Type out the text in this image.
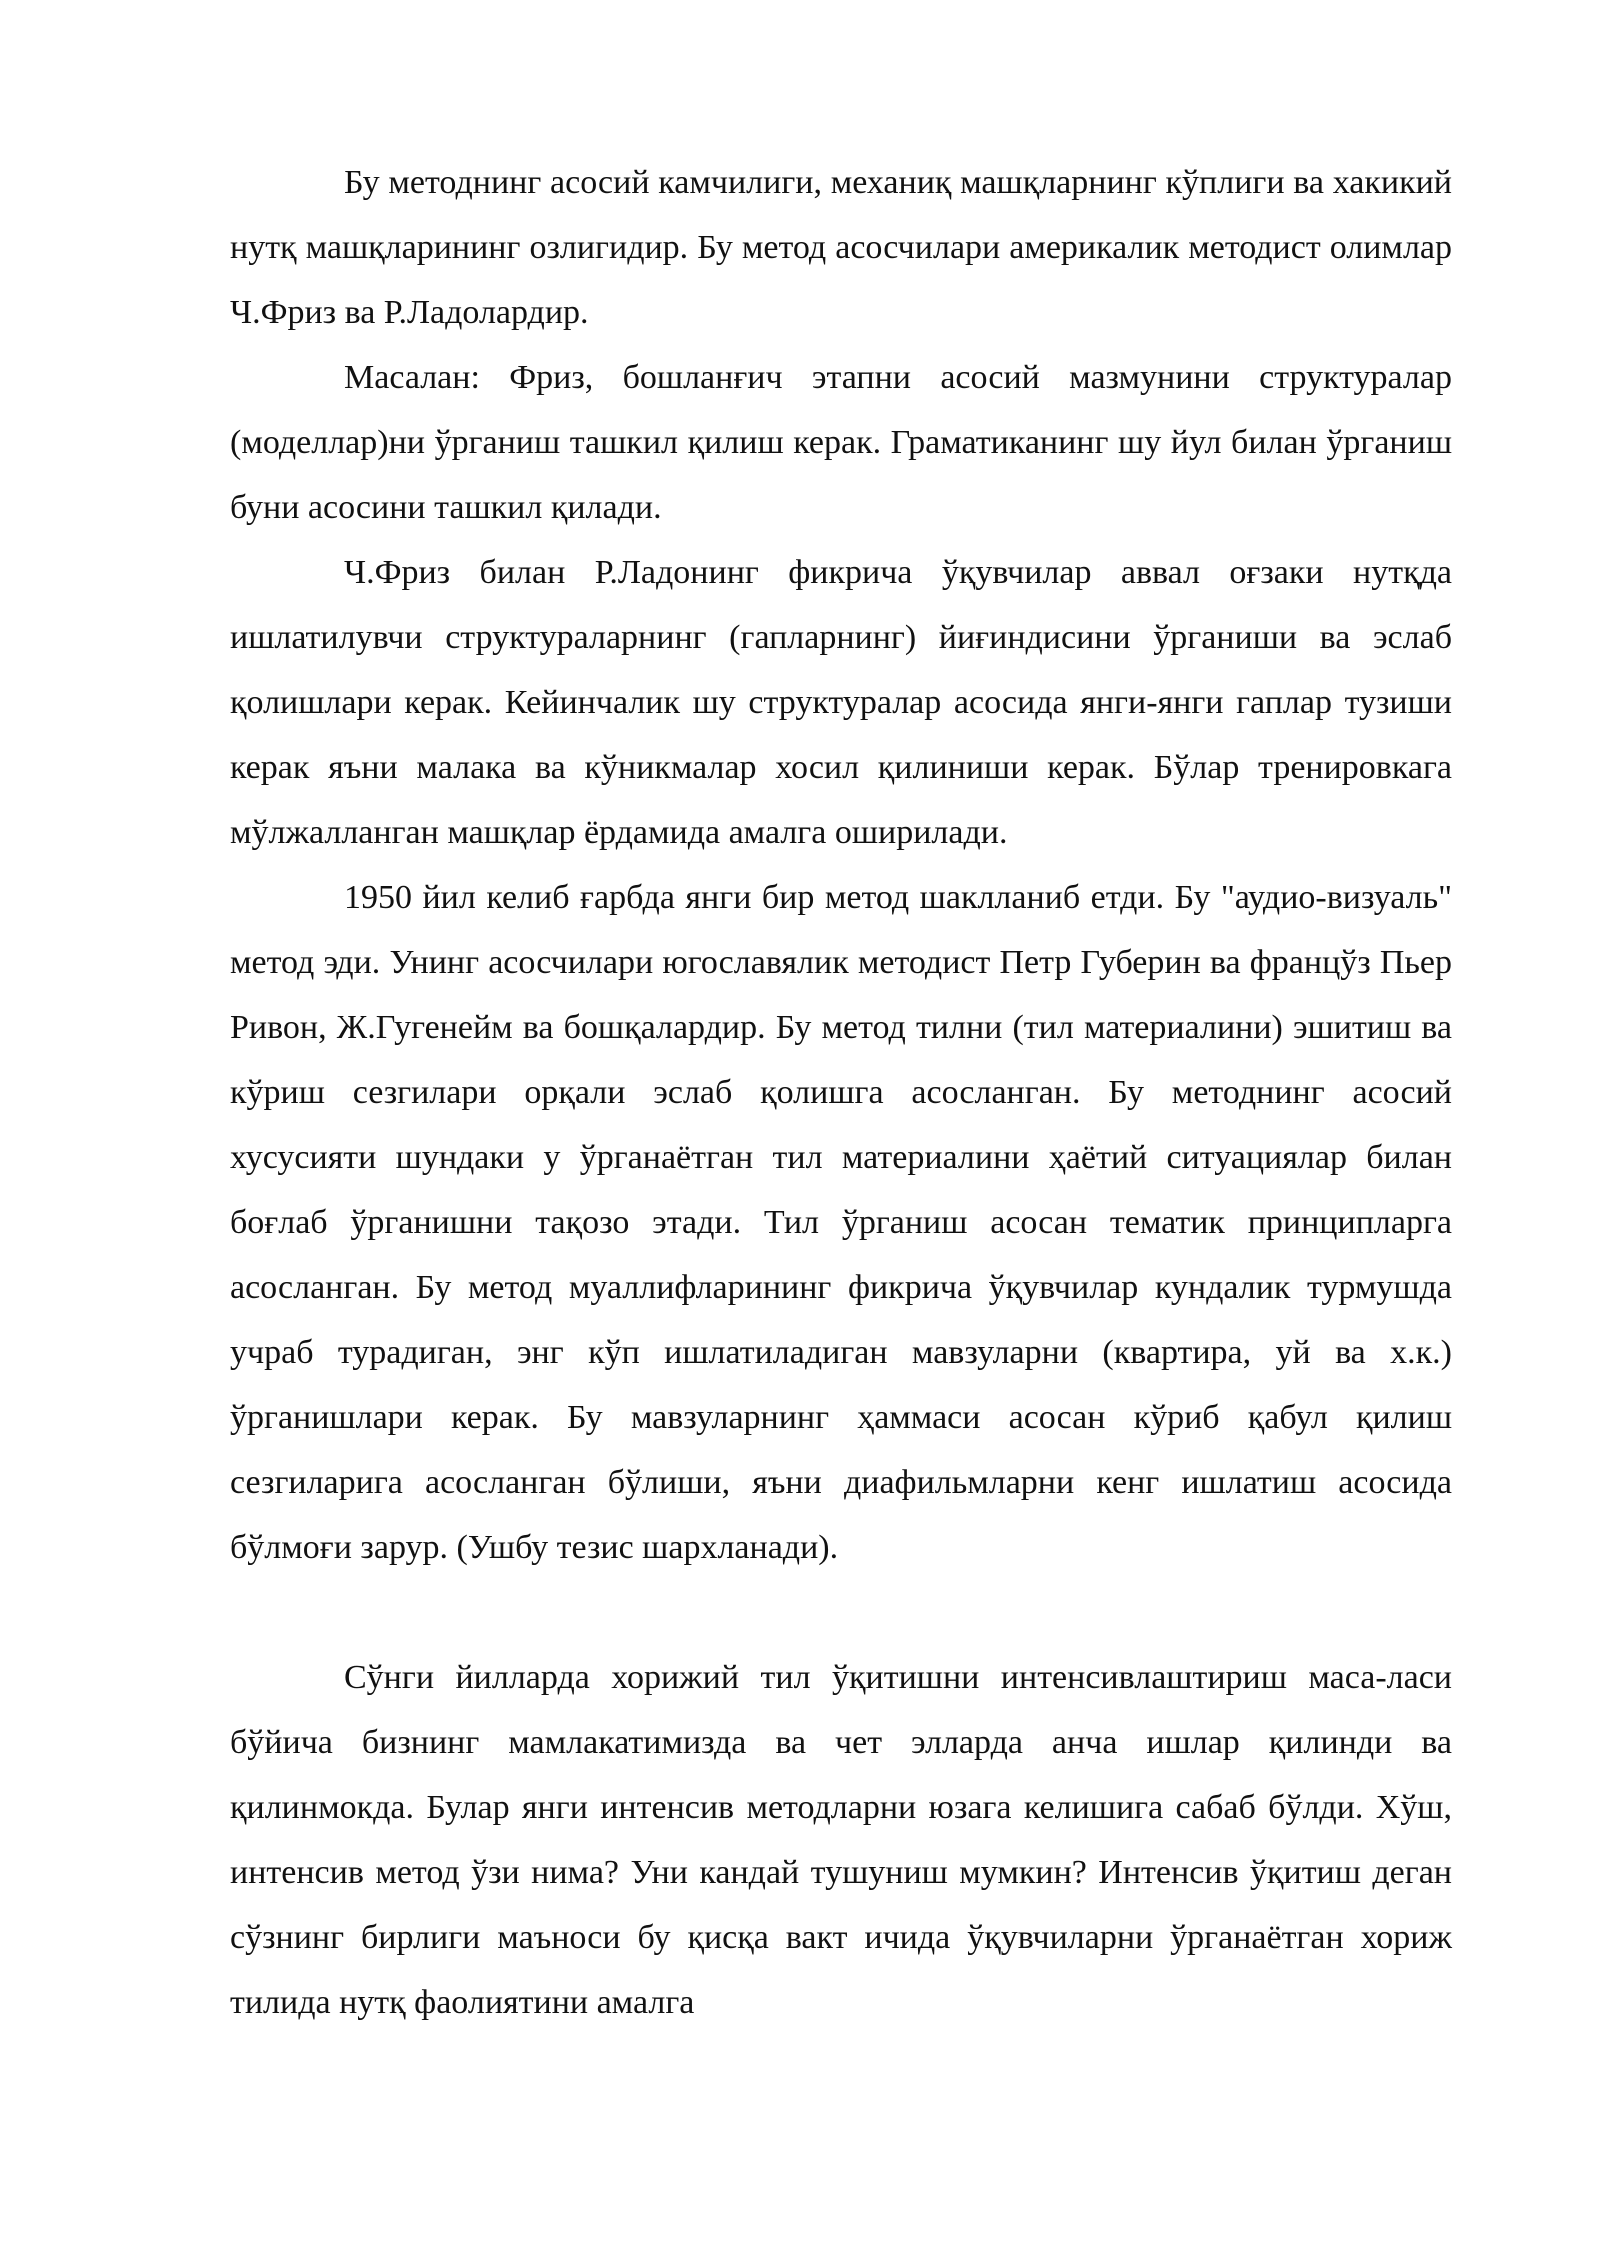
Бу методнинг асосий камчилиги, механиқ машқларнинг кўплиги ва хакикий нутқ машқларининг озлигидир. Бу метод асосчилари америкалик методист олимлар Ч.Фриз ва Р.Ладолардир.

Масалан: Фриз, бошланғич этапни асосий мазмунини структуралар (моделлар)ни ўрганиш ташкил қилиш керак. Граматиканинг шу йул билан ўрганиш буни асосини ташкил қилади.

Ч.Фриз билан Р.Ладонинг фикрича ўқувчилар аввал оғзаки нутқда ишлатилувчи структураларнинг (гапларнинг) йиғиндисини ўрганиши ва эслаб қолишлари керак. Кейинчалик шу структуралар асосида янги-янги гаплар тузиши керак яъни малака ва кўникмалар хосил қилиниши керак. Бўлар тренировкага мўлжалланган машқлар ёрдамида амалга оширилади.

1950 йил келиб ғарбда янги бир метод шаклланиб етди. Бу "аудио-визуаль" метод эди. Унинг асосчилари югославялик методист Петр Губерин ва францўз Пьер Ривон, Ж.Гугенейм ва бошқалардир. Бу метод тилни (тил материалини) эшитиш ва кўриш сезгилари орқали эслаб қолишга асосланган. Бу методнинг асосий хусусияти шундаки у ўрганаётган тил материалини ҳаётий ситуациялар билан боғлаб ўрганишни тақозо этади. Тил ўрганиш асосан тематик принципларга асосланган. Бу метод муаллифларининг фикрича ўқувчилар кундалик турмушда учраб турадиган, энг кўп ишлатиладиган мавзуларни (квартира, уй ва х.к.) ўрганишлари керак. Бу мавзуларнинг ҳаммаси асосан кўриб қабул қилиш сезгиларига асосланган бўлиши, яъни диафильмларни кенг ишлатиш асосида бўлмоғи зарур. (Ушбу тезис шархланади).

Сўнги йилларда хорижий тил ўқитишни интенсивлаштириш маса-ласи бўйича бизнинг мамлакатимизда ва чет элларда анча ишлар қилинди ва қилинмокда. Булар янги интенсив методларни юзага келишига сабаб бўлди. Хўш, интенсив метод ўзи нима? Уни кандай тушуниш мумкин? Интенсив ўқитиш деган сўзнинг бирлиги маъноси бу қисқа вакт ичида ўқувчиларни ўрганаётган хориж тилида нутқ фаолиятини амалга
